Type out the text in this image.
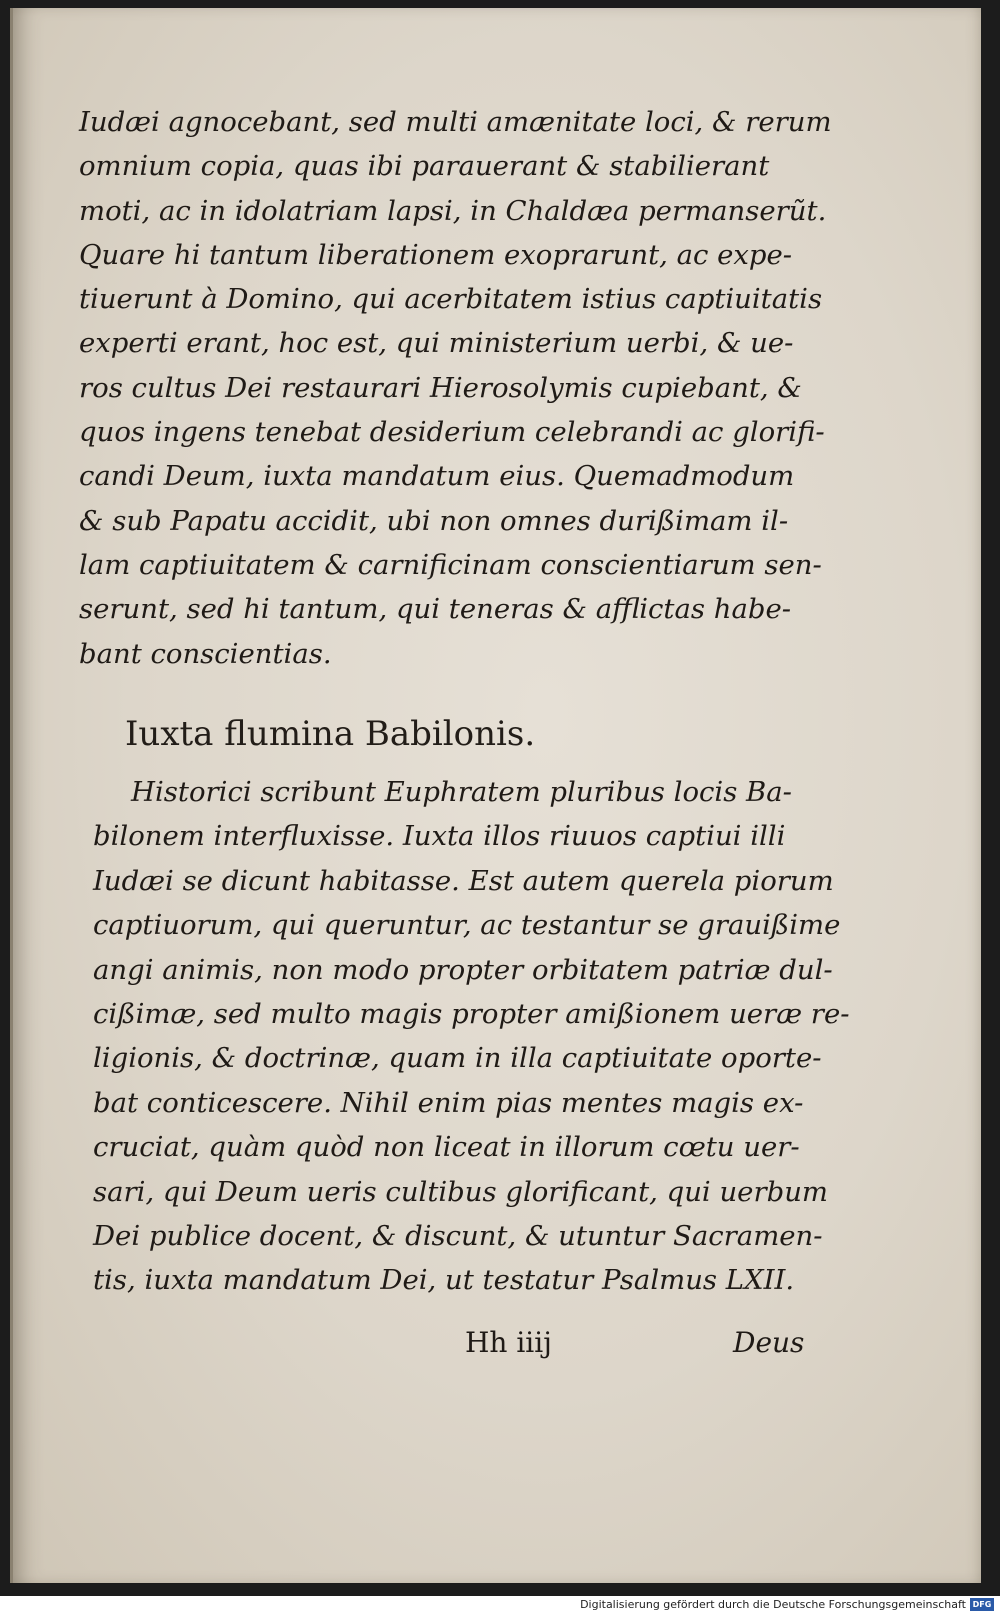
Iudæi agnocebant, sed multi amænitate loci, & rerum
omnium copia, quas ibi parauerant & stabilierant
moti, ac in idolatriam lapsi, in Chaldæa permanserũt.
Quare hi tantum liberationem exoprarunt, ac expe-
tiuerunt à Domino, qui acerbitatem istius captiuitatis
experti erant, hoc est, qui ministerium uerbi, & ue-
ros cultus Dei restaurari Hierosolymis cupiebant, &
quos ingens tenebat desiderium celebrandi ac glorifi-
candi Deum, iuxta mandatum eius. Quemadmodum
& sub Papatu accidit, ubi non omnes durißimam il-
lam captiuitatem & carnificinam conscientiarum sen-
serunt, sed hi tantum, qui teneras & afflictas habe-
bant conscientias.
Iuxta flumina Babilonis.
Historici scribunt Euphratem pluribus locis Ba-
bilonem interfluxisse. Iuxta illos riuuos captiui illi
Iudæi se dicunt habitasse. Est autem querela piorum
captiuorum, qui queruntur, ac testantur se grauißime
angi animis, non modo propter orbitatem patriæ dul-
cißimæ, sed multo magis propter amißionem ueræ re-
ligionis, & doctrinæ, quam in illa captiuitate oporte-
bat conticescere. Nihil enim pias mentes magis ex-
cruciat, quàm quòd non liceat in illorum cœtu uer-
sari, qui Deum ueris cultibus glorificant, qui uerbum
Dei publice docent, & discunt, & utuntur Sacramen-
tis, iuxta mandatum Dei, ut testatur Psalmus LXII.
Hh iiij	Deus
Digitalisierung gefördert durch die Deutsche Forschungsgemeinschaft DFG
